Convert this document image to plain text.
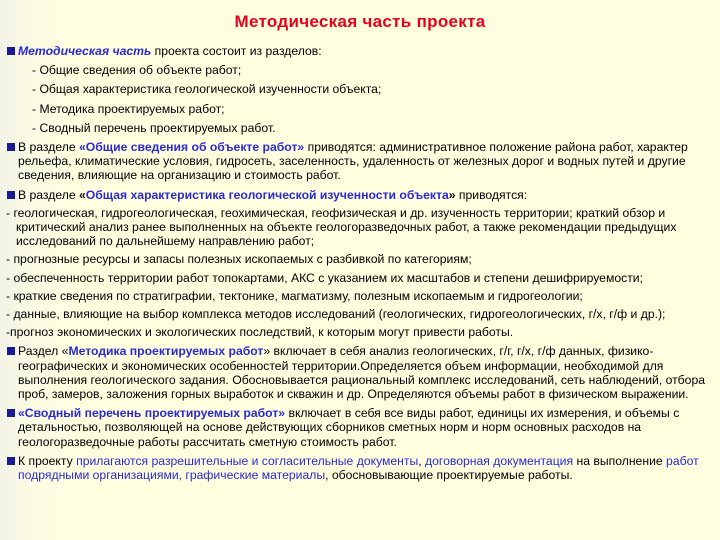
Методическая часть проекта
Методическая часть проекта состоит из разделов:
- Общие сведения об объекте работ;
- Общая характеристика геологической изученности объекта;
- Методика проектируемых работ;
- Сводный перечень проектируемых работ.
В разделе «Общие сведения об объекте работ» приводятся: административное положение района работ, характер рельефа, климатические условия, гидросеть, заселенность, удаленность от железных дорог и водных путей и другие сведения, влияющие на организацию и стоимость работ.
В разделе «Общая характеристика геологической изученности объекта» приводятся:
- геологическая, гидрогеологическая, геохимическая, геофизическая и др. изученность территории; краткий обзор и критический анализ ранее выполненных на объекте геологоразведочных работ, а также рекомендации предыдущих исследований по дальнейшему направлению работ;
- прогнозные ресурсы и запасы полезных ископаемых с разбивкой по категориям;
- обеспеченность территории работ топокартами, АКС с указанием их масштабов и степени дешифрируемости;
- краткие сведения по стратиграфии, тектонике, магматизму, полезным ископаемым и гидрогеологии;
- данные, влияющие на выбор комплекса методов исследований (геологических, гидрогеологических, г/х, г/ф и др.);
-прогноз экономических и экологических последствий, к которым могут привести работы.
Раздел «Методика проектируемых работ» включает в себя анализ геологических, г/г, г/х, г/ф данных, физико-географических и экономических особенностей территории.Определяется объем информации, необходимой для выполнения геологического задания. Обосновывается рациональный комплекс исследований, сеть наблюдений, отбора проб, замеров, заложения горных выработок и скважин и др. Определяются объемы работ в физическом выражении.
«Сводный перечень проектируемых работ» включает в себя все виды работ, единицы их измерения, и объемы с детальностью, позволяющей на основе действующих сборников сметных норм и норм основных расходов на геологоразведочные работы рассчитать сметную стоимость работ.
К проекту прилагаются разрешительные и согласительные документы, договорная документация на выполнение работ подрядными организациями, графические материалы, обосновывающие проектируемые работы.
